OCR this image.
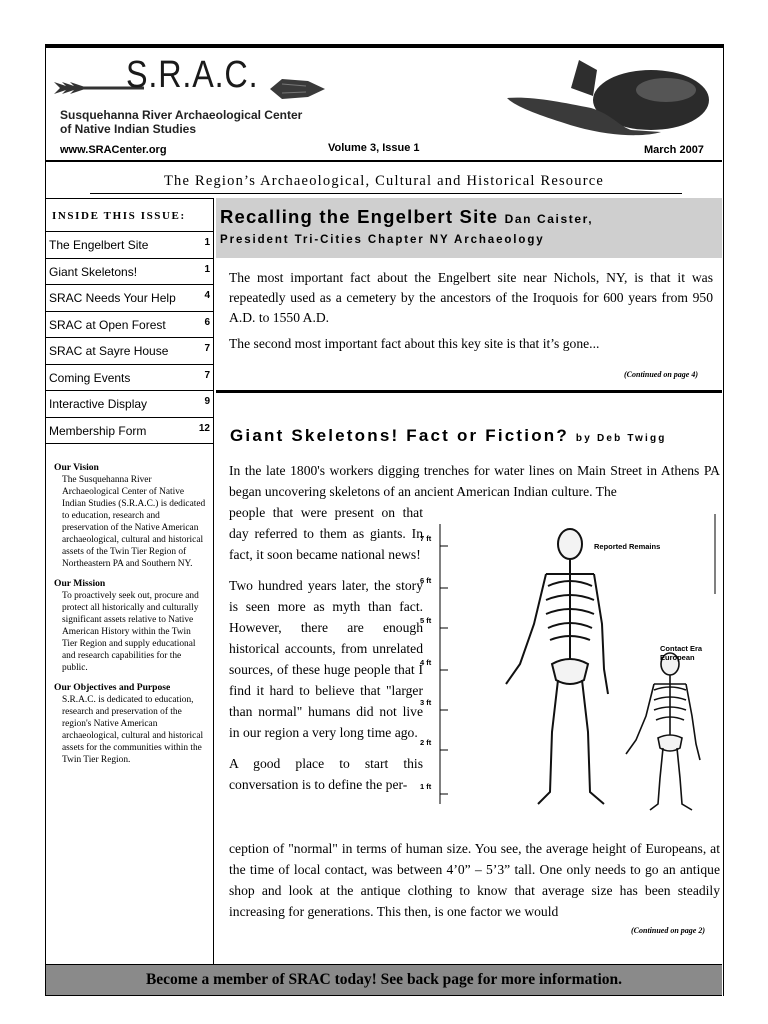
S.R.A.C.
Susquehanna River Archaeological Center
of Native Indian Studies
www.SRACenter.org	Volume 3, Issue 1	March 2007
The Region’s Archaeological, Cultural and Historical Resource
INSIDE THIS ISSUE:
The Engelbert Site	1
Giant Skeletons!	1
SRAC Needs Your Help	4
SRAC at Open Forest	6
SRAC at Sayre House	7
Coming Events	7
Interactive Display	9
Membership Form	12
Our Vision

The Susquehanna River Archaeological Center of Native Indian Studies (S.R.A.C.) is dedicated to education, research and preservation of the Native American archaeological, cultural and historical assets of the Twin Tier Region of Northeastern PA and Southern NY.

Our Mission

To proactively seek out, procure and protect all historically and culturally significant assets relative to Native American History within the Twin Tier Region and supply educational and research capabilities for the public.

Our Objectives and Purpose

S.R.A.C. is dedicated to education, research and preservation of the region's Native American archaeological, cultural and historical assets for the communities within the Twin Tier Region.

Recalling the Engelbert Site Dan Caister,
President Tri-Cities Chapter NY Archaeology

The most important fact about the Engelbert site near Nichols, NY, is that it was repeatedly used as a cemetery by the ancestors of the Iroquois for 600 years from 950 A.D. to 1550 A.D.

The second most important fact about this key site is that it’s gone...

(Continued on page 4)
Giant Skeletons! Fact or Fiction? by Deb Twigg
In the late 1800's workers digging trenches for water lines on Main Street in Athens PA began uncovering skeletons of an ancient American Indian culture. The

people that were present on that day referred to them as giants. In fact, it soon became national news!

Two hundred years later, the story is seen more as myth than fact. However, there are enough historical accounts, from unrelated sources, of these huge people that I find it hard to believe that "larger than normal" humans did not live in our region a very long time ago.

A good place to start this conversation is to define the per-

Reported Remains
Contact Era
European
7 ft
6 ft
5 ft
4 ft
3 ft
2 ft
1 ft
ception of "normal" in terms of human size. You see, the average height of Europeans, at the time of local contact, was between 4’0” – 5’3” tall. One only needs to go an antique shop and look at the antique clothing to know that average size has been steadily increasing for generations. This then, is one factor we would
(Continued on page 2)
Become a member of SRAC today! See back page for more information.
